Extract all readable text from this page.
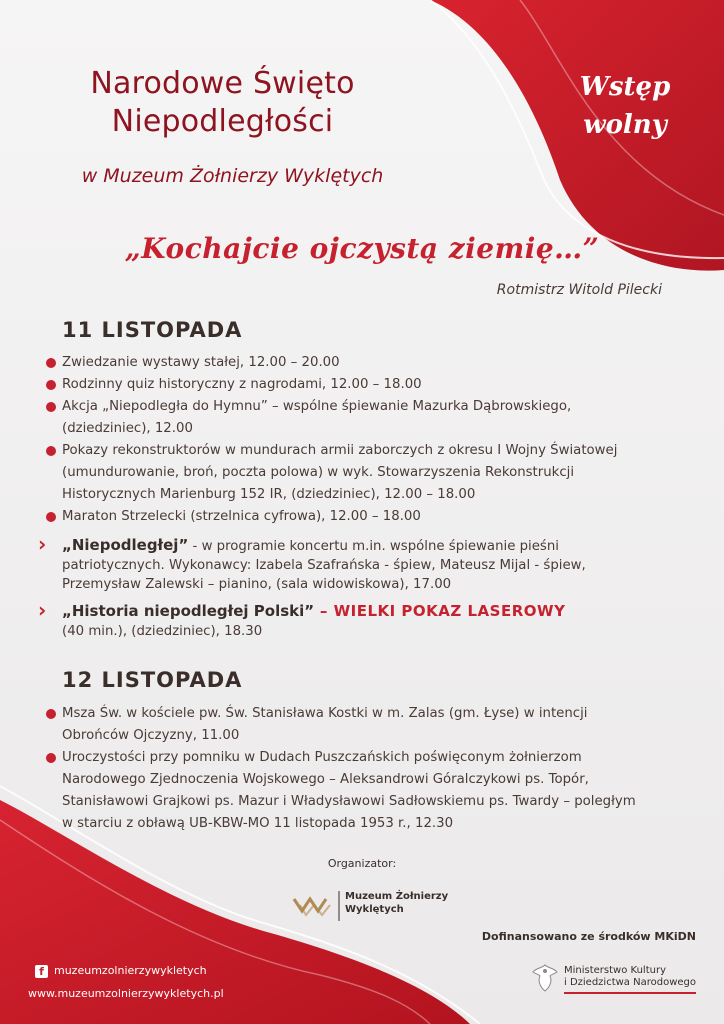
Narodowe Święto
Niepodległości
w Muzeum Żołnierzy Wyklętych
Wstęp
wolny
„Kochajcie ojczystą ziemię…”
Rotmistrz Witold Pilecki
11 LISTOPADA
Zwiedzanie wystawy stałej, 12.00 – 20.00
Rodzinny quiz historyczny z nagrodami, 12.00 – 18.00
Akcja „Niepodległa do Hymnu” – wspólne śpiewanie Mazurka Dąbrowskiego,
(dziedziniec), 12.00
Pokazy rekonstruktorów w mundurach armii zaborczych z okresu I Wojny Światowej
(umundurowanie, broń, poczta polowa) w wyk. Stowarzyszenia Rekonstrukcji
Historycznych Marienburg 152 IR, (dziedziniec), 12.00 – 18.00
Maraton Strzelecki (strzelnica cyfrowa), 12.00 – 18.00
› „Niepodległej” - w programie koncertu m.in. wspólne śpiewanie pieśni
patriotycznych. Wykonawcy: Izabela Szafrańska - śpiew, Mateusz Mijal - śpiew,
Przemysław Zalewski – pianino, (sala widowiskowa), 17.00
› „Historia niepodległej Polski” – WIELKI POKAZ LASEROWY
(40 min.), (dziedziniec), 18.30
12 LISTOPADA
Msza Św. w kościele pw. Św. Stanisława Kostki w m. Zalas (gm. Łyse) w intencji
Obrońców Ojczyzny, 11.00
Uroczystości przy pomniku w Dudach Puszczańskich poświęconym żołnierzom
Narodowego Zjednoczenia Wojskowego – Aleksandrowi Góralczykowi ps. Topór,
Stanisławowi Grajkowi ps. Mazur i Władysławowi Sadłowskiemu ps. Twardy – poległym
w starciu z obławą UB-KBW-MO 11 listopada 1953 r., 12.30
Organizator:
Muzeum Żołnierzy
Wyklętych
Dofinansowano ze środków MKiDN
Ministerstwo Kultury
i Dziedzictwa Narodowego
f muzeumzolnierzywykletych
www.muzeumzolnierzywykletych.pl
